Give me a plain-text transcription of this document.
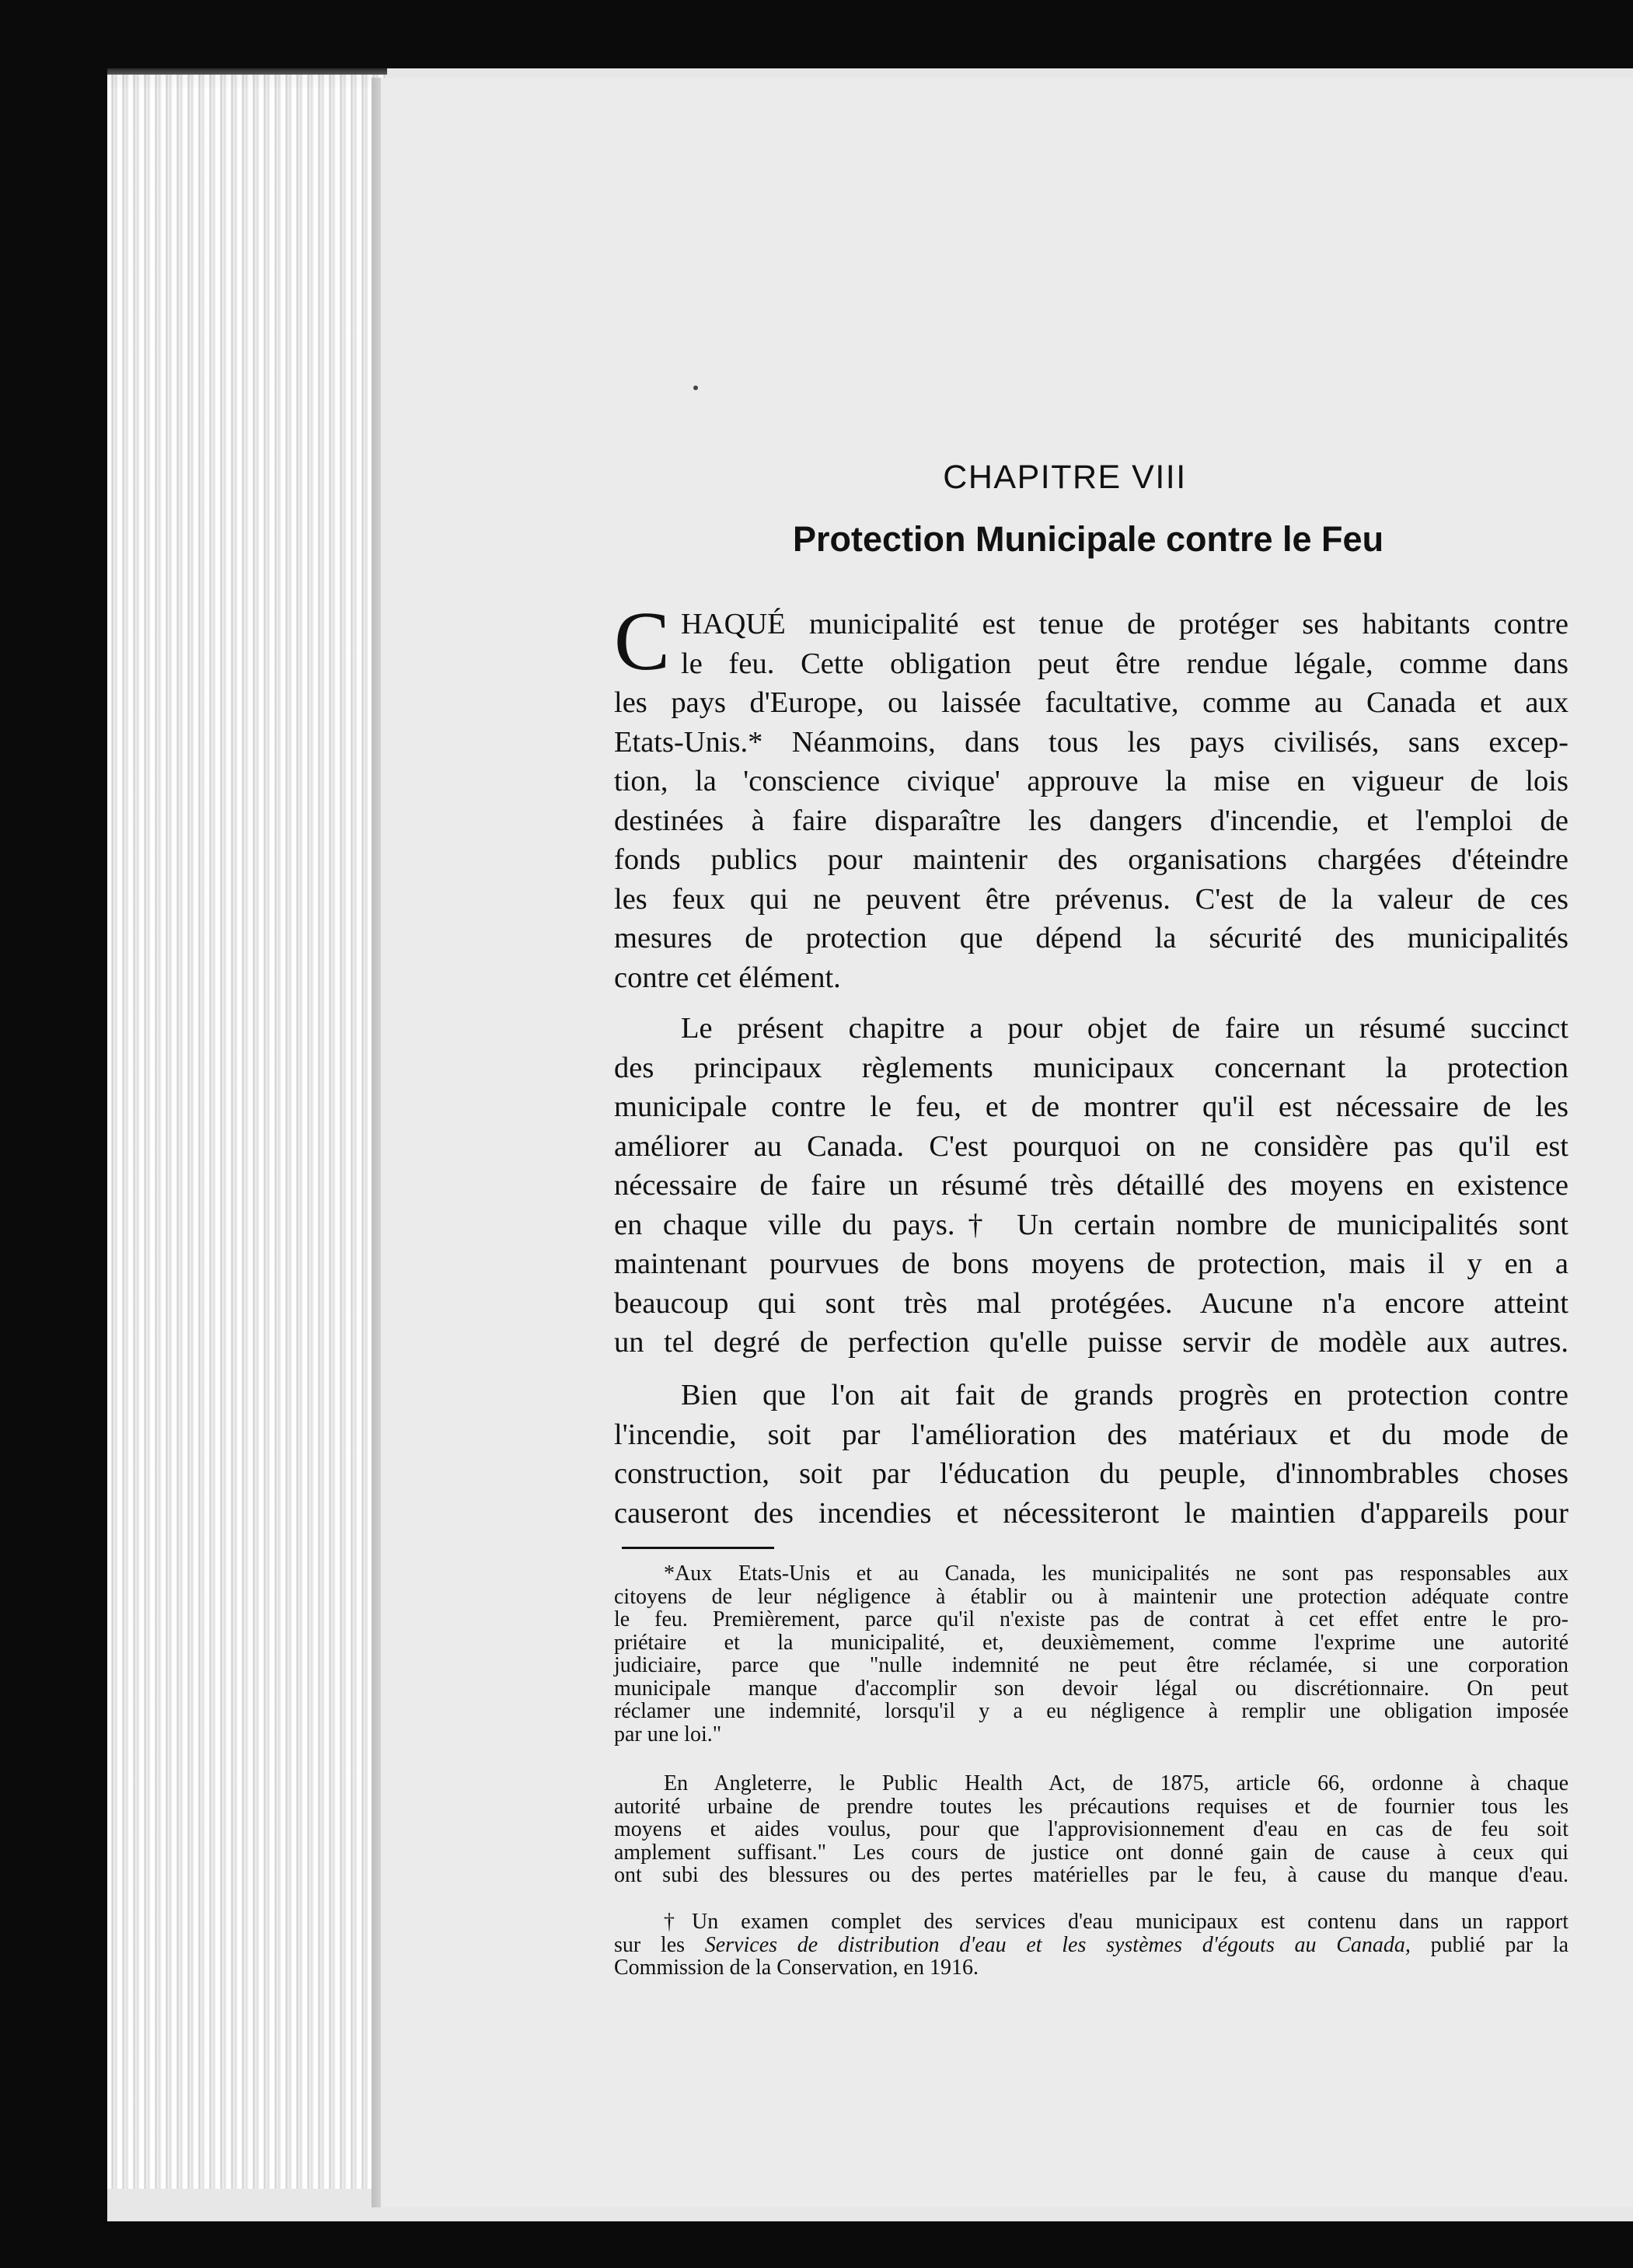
CHAPITRE VIII
Protection Municipale contre le Feu
C HAQUÉ municipalité est tenue de protéger ses habitants contre
le feu. Cette obligation peut être rendue légale, comme dans
les pays d'Europe, ou laissée facultative, comme au Canada et aux
Etats-Unis.* Néanmoins, dans tous les pays civilisés, sans excep-
tion, la 'conscience civique' approuve la mise en vigueur de lois
destinées à faire disparaître les dangers d'incendie, et l'emploi de
fonds publics pour maintenir des organisations chargées d'éteindre
les feux qui ne peuvent être prévenus. C'est de la valeur de ces
mesures de protection que dépend la sécurité des municipalités
contre cet élément.
Le présent chapitre a pour objet de faire un résumé succinct
des principaux règlements municipaux concernant la protection
municipale contre le feu, et de montrer qu'il est nécessaire de les
améliorer au Canada. C'est pourquoi on ne considère pas qu'il est
nécessaire de faire un résumé très détaillé des moyens en existence
en chaque ville du pays.† Un certain nombre de municipalités sont
maintenant pourvues de bons moyens de protection, mais il y en a
beaucoup qui sont très mal protégées. Aucune n'a encore atteint
un tel degré de perfection qu'elle puisse servir de modèle aux autres.
Bien que l'on ait fait de grands progrès en protection contre
l'incendie, soit par l'amélioration des matériaux et du mode de
construction, soit par l'éducation du peuple, d'innombrables choses
causeront des incendies et nécessiteront le maintien d'appareils pour
*Aux Etats-Unis et au Canada, les municipalités ne sont pas responsables aux
citoyens de leur négligence à établir ou à maintenir une protection adéquate contre
le feu. Premièrement, parce qu'il n'existe pas de contrat à cet effet entre le pro-
priétaire et la municipalité, et, deuxièmement, comme l'exprime une autorité
judiciaire, parce que "nulle indemnité ne peut être réclamée, si une corporation
municipale manque d'accomplir son devoir légal ou discrétionnaire. On peut
réclamer une indemnité, lorsqu'il y a eu négligence à remplir une obligation imposée
par une loi."
En Angleterre, le Public Health Act, de 1875, article 66, ordonne à chaque
autorité urbaine de prendre toutes les précautions requises et de fournier tous les
moyens et aides voulus, pour que l'approvisionnement d'eau en cas de feu soit
amplement suffisant." Les cours de justice ont donné gain de cause à ceux qui
ont subi des blessures ou des pertes matérielles par le feu, à cause du manque d'eau.
†Un examen complet des services d'eau municipaux est contenu dans un rapport
sur les Services de distribution d'eau et les systèmes d'égouts au Canada, publié par la
Commission de la Conservation, en 1916.
